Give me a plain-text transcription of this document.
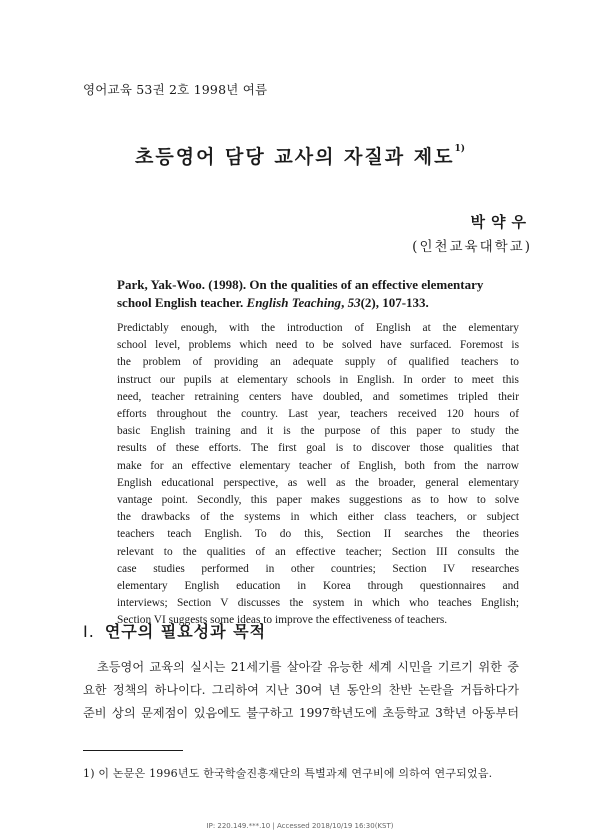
영어교육 53권 2호 1998년 여름
초등영어 담당 교사의 자질과 제도$^{1)}$
박약우
(인천교육대학교)
Park, Yak-Woo. (1998). On the qualities of an effective elementary school English teacher. English Teaching, 53(2), 107-133.
Predictably enough, with the introduction of English at the elementary
school level, problems which need to be solved have surfaced. Foremost is
the problem of providing an adequate supply of qualified teachers to
instruct our pupils at elementary schools in English. In order to meet this
need, teacher retraining centers have doubled, and sometimes tripled their
efforts throughout the country. Last year, teachers received 120 hours of
basic English training and it is the purpose of this paper to study the
results of these efforts. The first goal is to discover those qualities that
make for an effective elementary teacher of English, both from the narrow
English educational perspective, as well as the broader, general elementary
vantage point. Secondly, this paper makes suggestions as to how to solve
the drawbacks of the systems in which either class teachers, or subject
teachers teach English. To do this, Section II searches the theories
relevant to the qualities of an effective teacher; Section III consults the
case studies performed in other countries; Section IV researches
elementary English education in Korea through questionnaires and
interviews; Section V discusses the system in which who teaches English;
Section VI suggests some ideas to improve the effectiveness of teachers.
I. 연구의 필요성과 목적
초등영어 교육의 실시는 21세기를 살아갈 유능한 세계 시민을 기르기 위한 중
요한 정책의 하나이다. 그리하여 지난 30여 년 동안의 찬반 논란을 거듭하다가
준비 상의 문제점이 있음에도 불구하고 1997학년도에 초등학교 3학년 아동부터
1) 이 논문은 1996년도 한국학술진흥재단의 특별과제 연구비에 의하여 연구되었음.
IP: 220.149.***.10 | Accessed 2018/10/19 16:30(KST)
